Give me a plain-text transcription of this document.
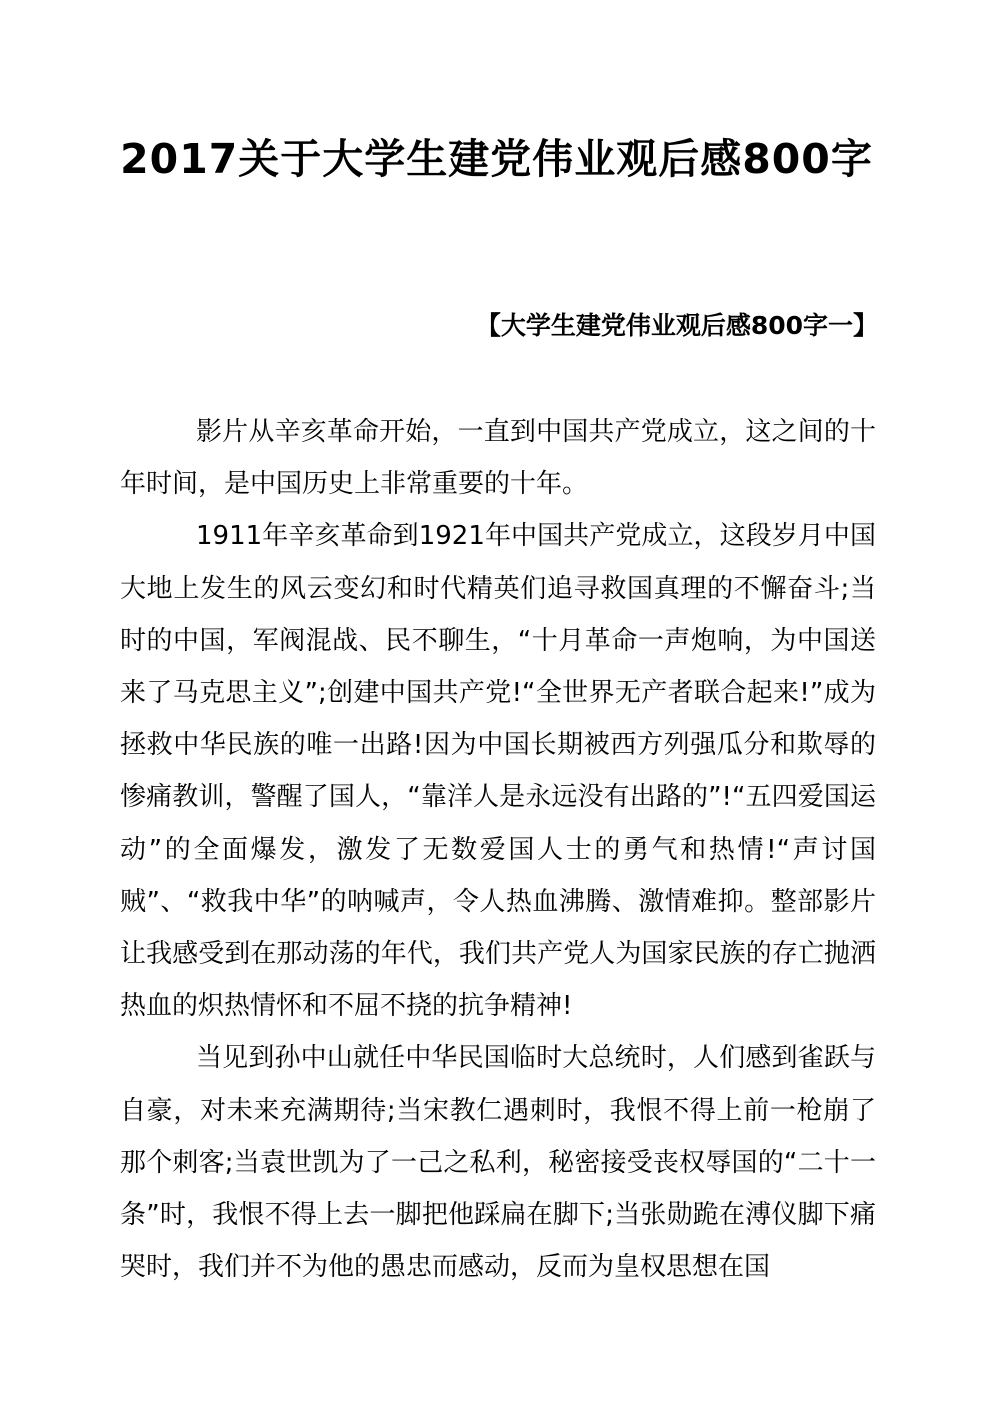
2017关于大学生建党伟业观后感800字
【大学生建党伟业观后感800字一】

影片从辛亥革命开始，一直到中国共产党成立，这之间的十年时间，是中国历史上非常重要的十年。

1911年辛亥革命到1921年中国共产党成立，这段岁月中国大地上发生的风云变幻和时代精英们追寻救国真理的不懈奋斗;当时的中国，军阀混战、民不聊生，“十月革命一声炮响，为中国送来了马克思主义”;创建中国共产党!“全世界无产者联合起来!”成为拯救中华民族的唯一出路!因为中国长期被西方列强瓜分和欺辱的惨痛教训，警醒了国人，“靠洋人是永远没有出路的”!“五四爱国运动”的全面爆发，激发了无数爱国人士的勇气和热情!“声讨国贼”、“救我中华”的呐喊声，令人热血沸腾、激情难抑。整部影片让我感受到在那动荡的年代，我们共产党人为国家民族的存亡抛洒热血的炽热情怀和不屈不挠的抗争精神!

当见到孙中山就任中华民国临时大总统时，人们感到雀跃与自豪，对未来充满期待;当宋教仁遇刺时，我恨不得上前一枪崩了那个刺客;当袁世凯为了一己之私利，秘密接受丧权辱国的“二十一条”时，我恨不得上去一脚把他踩扁在脚下;当张勋跪在溥仪脚下痛哭时，我们并不为他的愚忠而感动，反而为皇权思想在国
